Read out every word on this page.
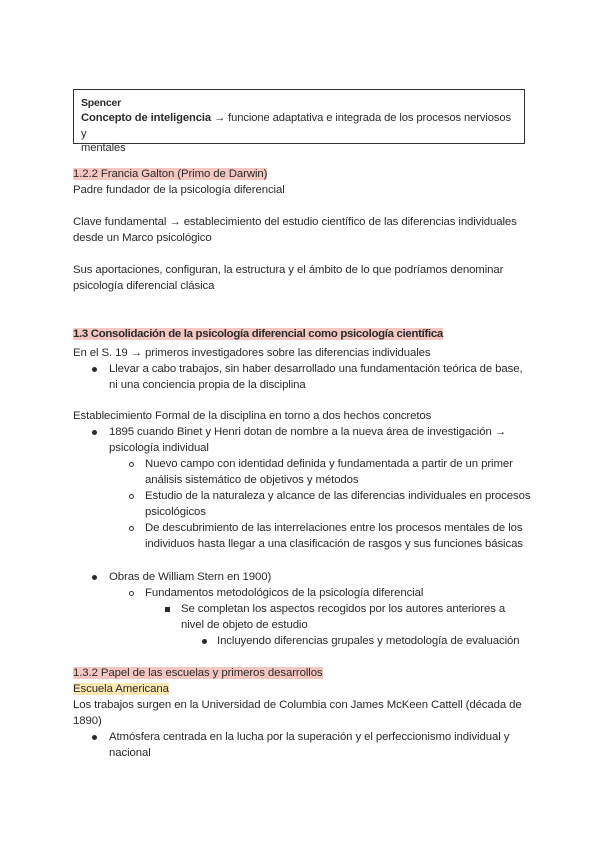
Spencer
Concepto de inteligencia → funcione adaptativa e integrada de los procesos nerviosos y
mentales
1.2.2 Francia Galton (Primo de Darwin)
Padre fundador de la psicología diferencial
Clave fundamental → establecimiento del estudio científico de las diferencias individuales
desde un Marco psicológico
Sus aportaciones, configuran, la estructura y el ámbito de lo que podríamos denominar
psicología diferencial clásica
1.3 Consolidación de la psicología diferencial como psicología científica
En el S. 19 → primeros investigadores sobre las diferencias individuales
Llevar a cabo trabajos, sin haber desarrollado una fundamentación teórica de base,
ni una conciencia propia de la disciplina
Establecimiento Formal de la disciplina en torno a dos hechos concretos
1895 cuando Binet y Henri dotan de nombre a la nueva área de investigación →
psicología individual
Nuevo campo con identidad definida y fundamentada a partir de un primer
análisis sistemático de objetivos y métodos
Estudio de la naturaleza y alcance de las diferencias individuales en procesos
psicológicos
De descubrimiento de las interrelaciones entre los procesos mentales de los
individuos hasta llegar a una clasificación de rasgos y sus funciones básicas
Obras de William Stern en 1900)
Fundamentos metodológicos de la psicología diferencial
Se completan los aspectos recogidos por los autores anteriores a
nivel de objeto de estudio
Incluyendo diferencias grupales y metodología de evaluación
1.3.2 Papel de las escuelas y primeros desarrollos
Escuela Americana
Los trabajos surgen en la Universidad de Columbia con James McKeen Cattell (década de
1890)
Atmósfera centrada en la lucha por la superación y el perfeccionismo individual y
nacional
